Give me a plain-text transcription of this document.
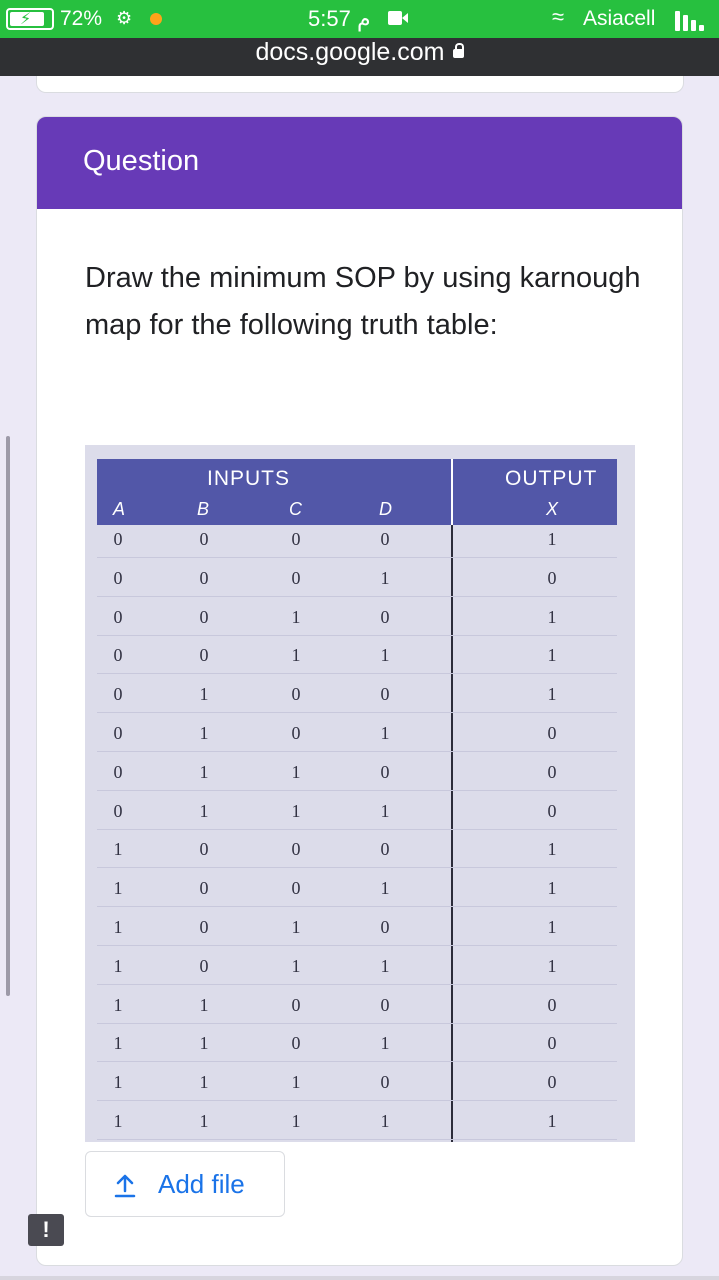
⚡ 72% ⚙	5:57 م	≈ Asiacell
docs.google.com
Question
Draw the minimum SOP by using karnough map for the following truth table:
INPUTS	OUTPUT
A	B	C	D	X
0	0	0	0	1
0	0	0	1	0
0	0	1	0	1
0	0	1	1	1
0	1	0	0	1
0	1	0	1	0
0	1	1	0	0
0	1	1	1	0
1	0	0	0	1
1	0	0	1	1
1	0	1	0	1
1	0	1	1	1
1	1	0	0	0
1	1	0	1	0
1	1	1	0	0
1	1	1	1	1
Add file
!
